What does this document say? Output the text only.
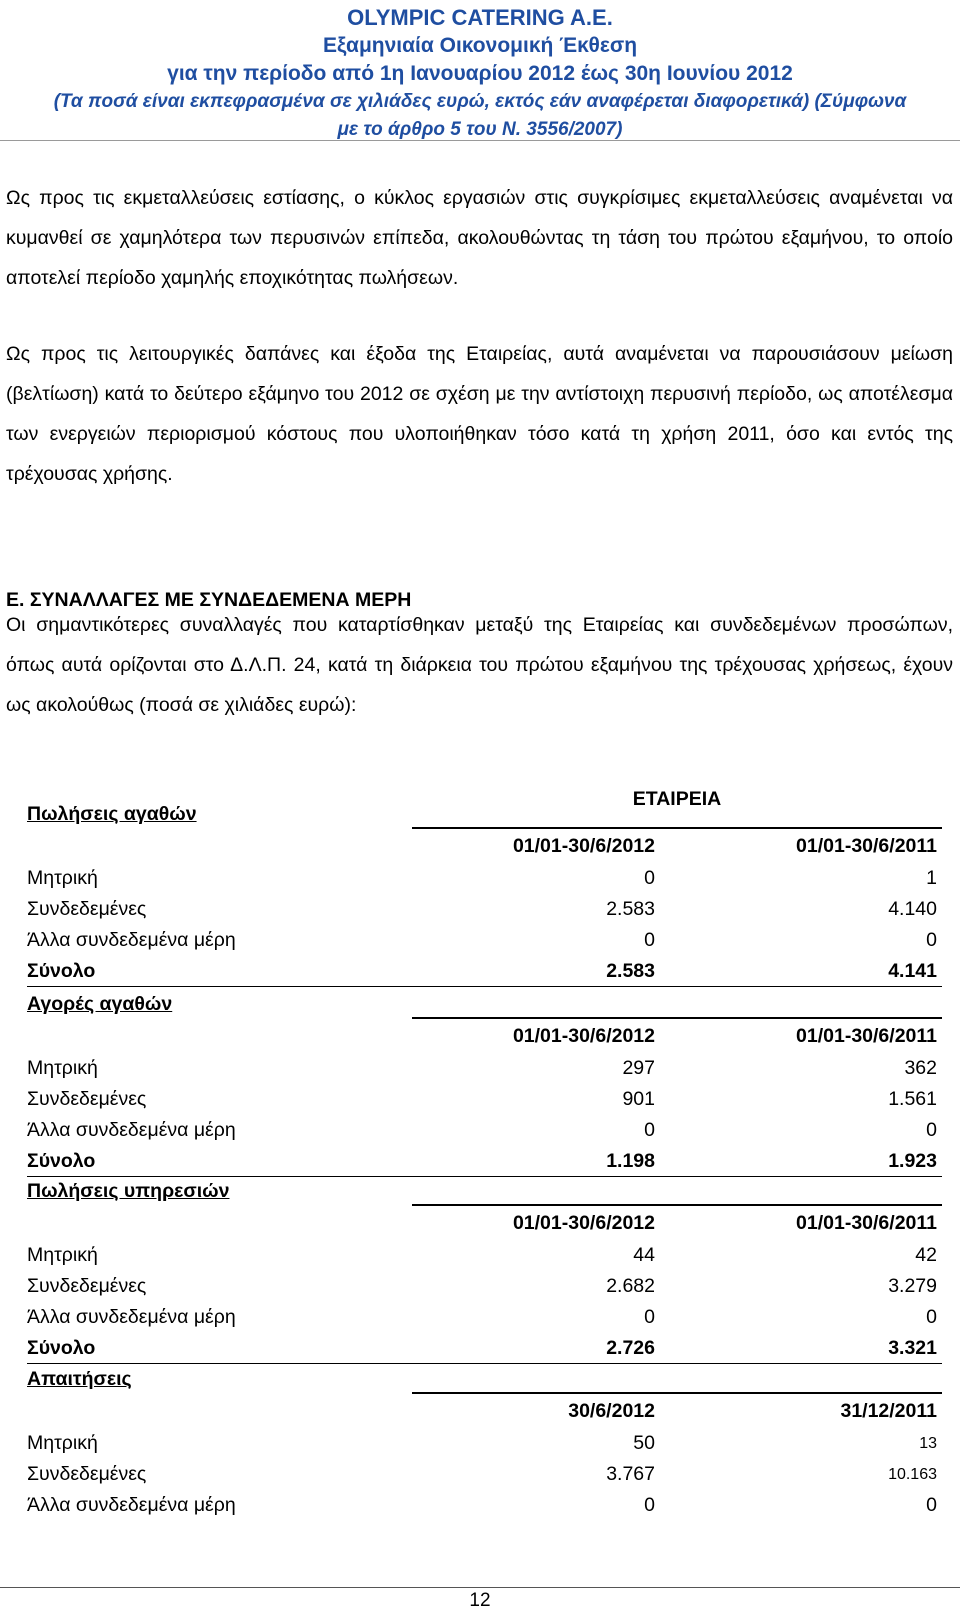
OLYMPIC CATERING A.E.

Εξαμηνιαία Οικονομική Έκθεση

για την περίοδο από 1η Ιανουαρίου 2012 έως 30η Ιουνίου 2012

(Τα ποσά είναι εκπεφρασμένα σε χιλιάδες ευρώ, εκτός εάν αναφέρεται διαφορετικά) (Σύμφωνα

με το άρθρο 5 του Ν. 3556/2007)

Ως προς τις εκμεταλλεύσεις εστίασης, ο κύκλος εργασιών στις συγκρίσιμες εκμεταλλεύσεις αναμένεται να κυμανθεί σε χαμηλότερα των περυσινών επίπεδα, ακολουθώντας τη τάση του πρώτου εξαμήνου, το οποίο αποτελεί περίοδο χαμηλής εποχικότητας πωλήσεων.

Ως προς τις λειτουργικές δαπάνες και έξοδα της Εταιρείας, αυτά αναμένεται να παρουσιάσουν μείωση (βελτίωση) κατά το δεύτερο εξάμηνο του 2012 σε σχέση με την αντίστοιχη περυσινή περίοδο, ως αποτέλεσμα των ενεργειών περιορισμού κόστους που υλοποιήθηκαν τόσο κατά τη χρήση 2011, όσο και εντός της τρέχουσας χρήσης.

Ε. ΣΥΝΑΛΛΑΓΕΣ ΜΕ ΣΥΝΔΕΔΕΜΕΝΑ ΜΕΡΗ

Οι σημαντικότερες συναλλαγές που καταρτίσθηκαν μεταξύ της Εταιρείας και συνδεδεμένων προσώπων, όπως αυτά ορίζονται στο Δ.Λ.Π. 24, κατά τη διάρκεια του πρώτου εξαμήνου της τρέχουσας χρήσεως, έχουν ως ακολούθως (ποσά σε χιλιάδες ευρώ):

ΕΤΑΙΡΕΙΑ
Πωλήσεις αγαθών
01/01-30/6/2012	01/01-30/6/2011
Μητρική	0	1
Συνδεδεμένες	2.583	4.140
Άλλα συνδεδεμένα μέρη	0	0
Σύνολο	2.583	4.141
Αγορές αγαθών
01/01-30/6/2012	01/01-30/6/2011
Μητρική	297	362
Συνδεδεμένες	901	1.561
Άλλα συνδεδεμένα μέρη	0	0
Σύνολο	1.198	1.923
Πωλήσεις υπηρεσιών
01/01-30/6/2012	01/01-30/6/2011
Μητρική	44	42
Συνδεδεμένες	2.682	3.279
Άλλα συνδεδεμένα μέρη	0	0
Σύνολο	2.726	3.321
Απαιτήσεις
30/6/2012	31/12/2011
Μητρική	50	13
Συνδεδεμένες	3.767	10.163
Άλλα συνδεδεμένα μέρη	0	0
12
